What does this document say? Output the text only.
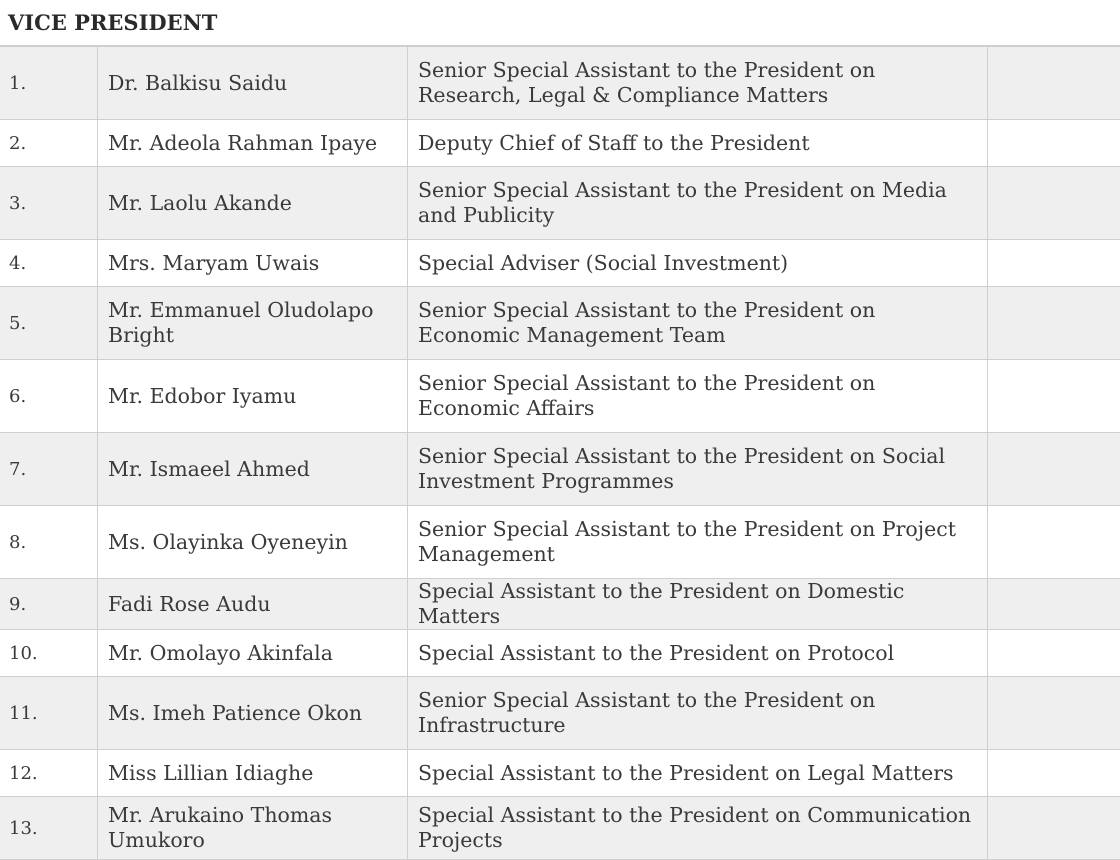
VICE PRESIDENT
1.	Dr. Balkisu Saidu	Senior Special Assistant to the President on Research, Legal & Compliance Matters	
2.	Mr. Adeola Rahman Ipaye	Deputy Chief of Staff to the President	
3.	Mr. Laolu Akande	Senior Special Assistant to the President on Media and Publicity	
4.	Mrs. Maryam Uwais	Special Adviser (Social Investment)	
5.	Mr. Emmanuel Oludolapo Bright	Senior Special Assistant to the President on Economic Management Team	
6.	Mr. Edobor Iyamu	Senior Special Assistant to the President on Economic Affairs	
7.	Mr. Ismaeel Ahmed	Senior Special Assistant to the President on Social Investment Programmes	
8.	Ms. Olayinka Oyeneyin	Senior Special Assistant to the President on Project Management	
9.	Fadi Rose Audu	Special Assistant to the President on Domestic Matters	
10.	Mr. Omolayo Akinfala	Special Assistant to the President on Protocol	
11.	Ms. Imeh Patience Okon	Senior Special Assistant to the President on Infrastructure	
12.	Miss Lillian Idiaghe	Special Assistant to the President on Legal Matters	
13.	Mr. Arukaino Thomas Umukoro	Special Assistant to the President on Communication Projects	
